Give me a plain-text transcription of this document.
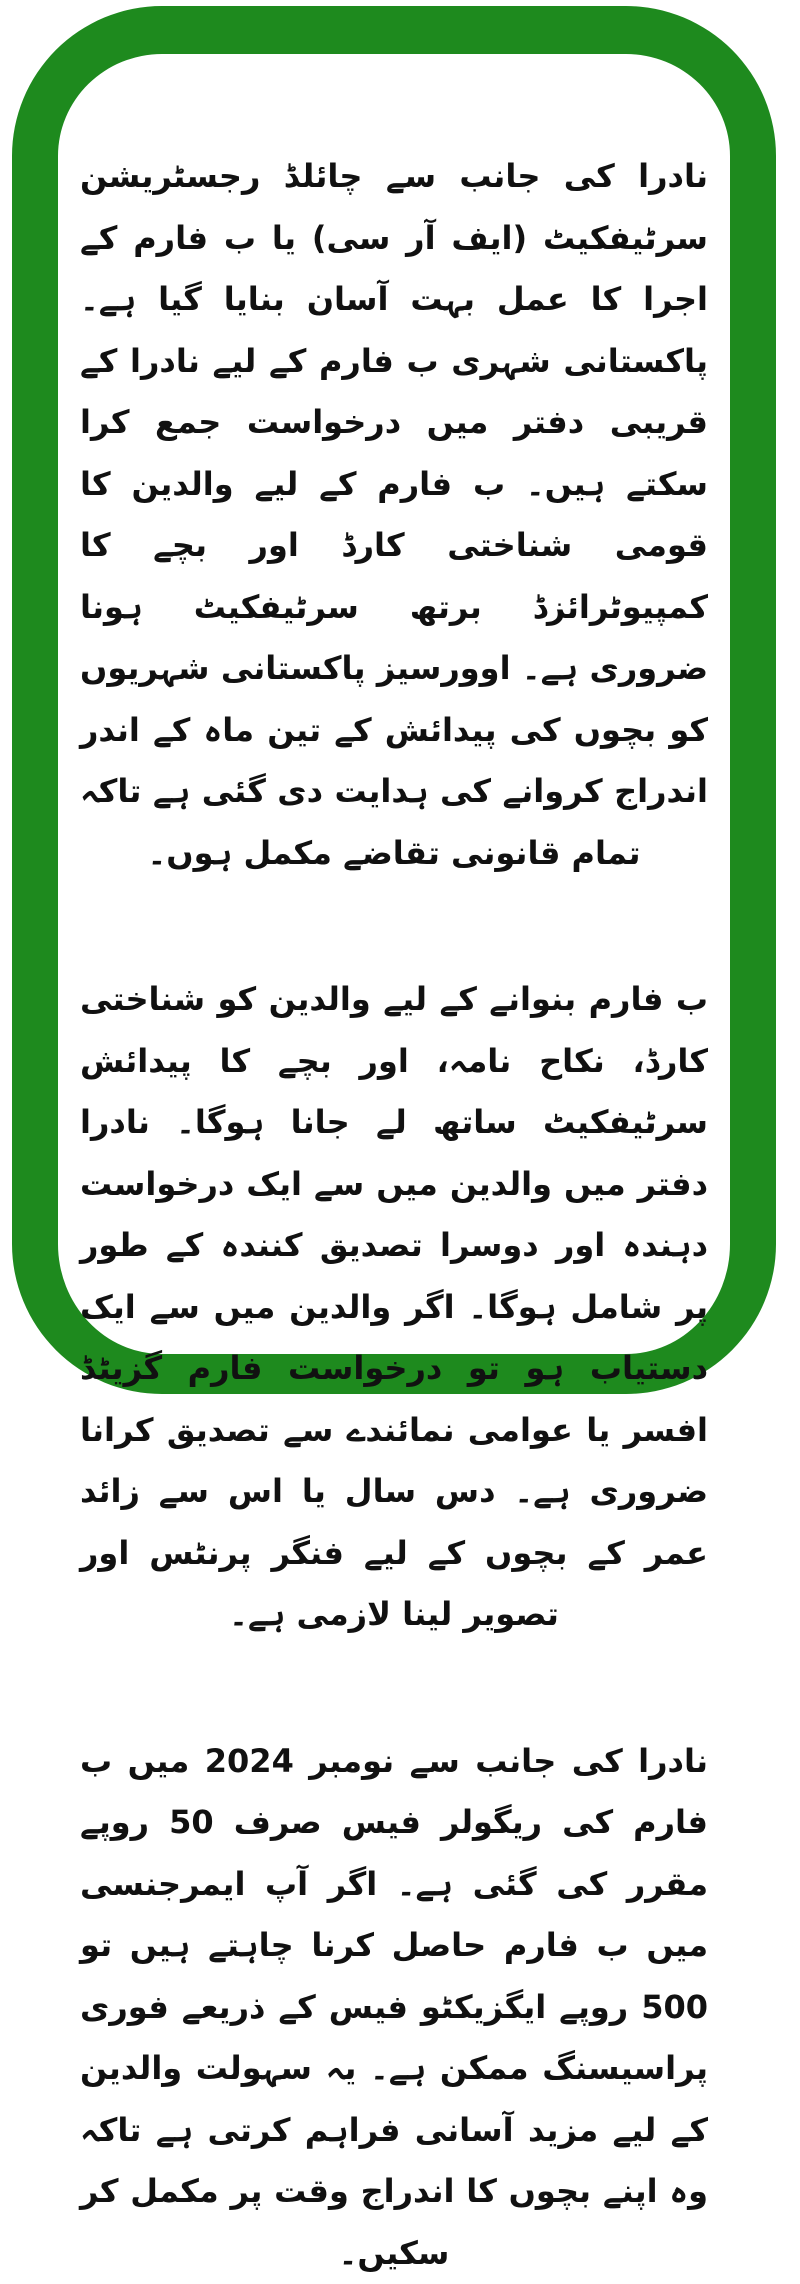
نادرا کی جانب سے چائلڈ رجسٹریشن سرٹیفکیٹ (ایف آر سی) یا ب فارم کے اجرا کا عمل بہت آسان بنایا گیا ہے۔ پاکستانی شہری ب فارم کے لیے نادرا کے قریبی دفتر میں درخواست جمع کرا سکتے ہیں۔ ب فارم کے لیے والدین کا قومی شناختی کارڈ اور بچے کا کمپیوٹرائزڈ برتھ سرٹیفکیٹ ہونا ضروری ہے۔ اوورسیز پاکستانی شہریوں کو بچوں کی پیدائش کے تین ماہ کے اندر اندراج کروانے کی ہدایت دی گئی ہے تاکہ تمام قانونی تقاضے مکمل ہوں۔

ب فارم بنوانے کے لیے والدین کو شناختی کارڈ، نکاح نامہ، اور بچے کا پیدائش سرٹیفکیٹ ساتھ لے جانا ہوگا۔ نادرا دفتر میں والدین میں سے ایک درخواست دہندہ اور دوسرا تصدیق کنندہ کے طور پر شامل ہوگا۔ اگر والدین میں سے ایک دستیاب ہو تو درخواست فارم گزیٹڈ افسر یا عوامی نمائندے سے تصدیق کرانا ضروری ہے۔ دس سال یا اس سے زائد عمر کے بچوں کے لیے فنگر پرنٹس اور تصویر لینا لازمی ہے۔

نادرا کی جانب سے نومبر 2024 میں ب فارم کی ریگولر فیس صرف 50 روپے مقرر کی گئی ہے۔ اگر آپ ایمرجنسی میں ب فارم حاصل کرنا چاہتے ہیں تو 500 روپے ایگزیکٹو فیس کے ذریعے فوری پراسیسنگ ممکن ہے۔ یہ سہولت والدین کے لیے مزید آسانی فراہم کرتی ہے تاکہ وہ اپنے بچوں کا اندراج وقت پر مکمل کر سکیں۔
